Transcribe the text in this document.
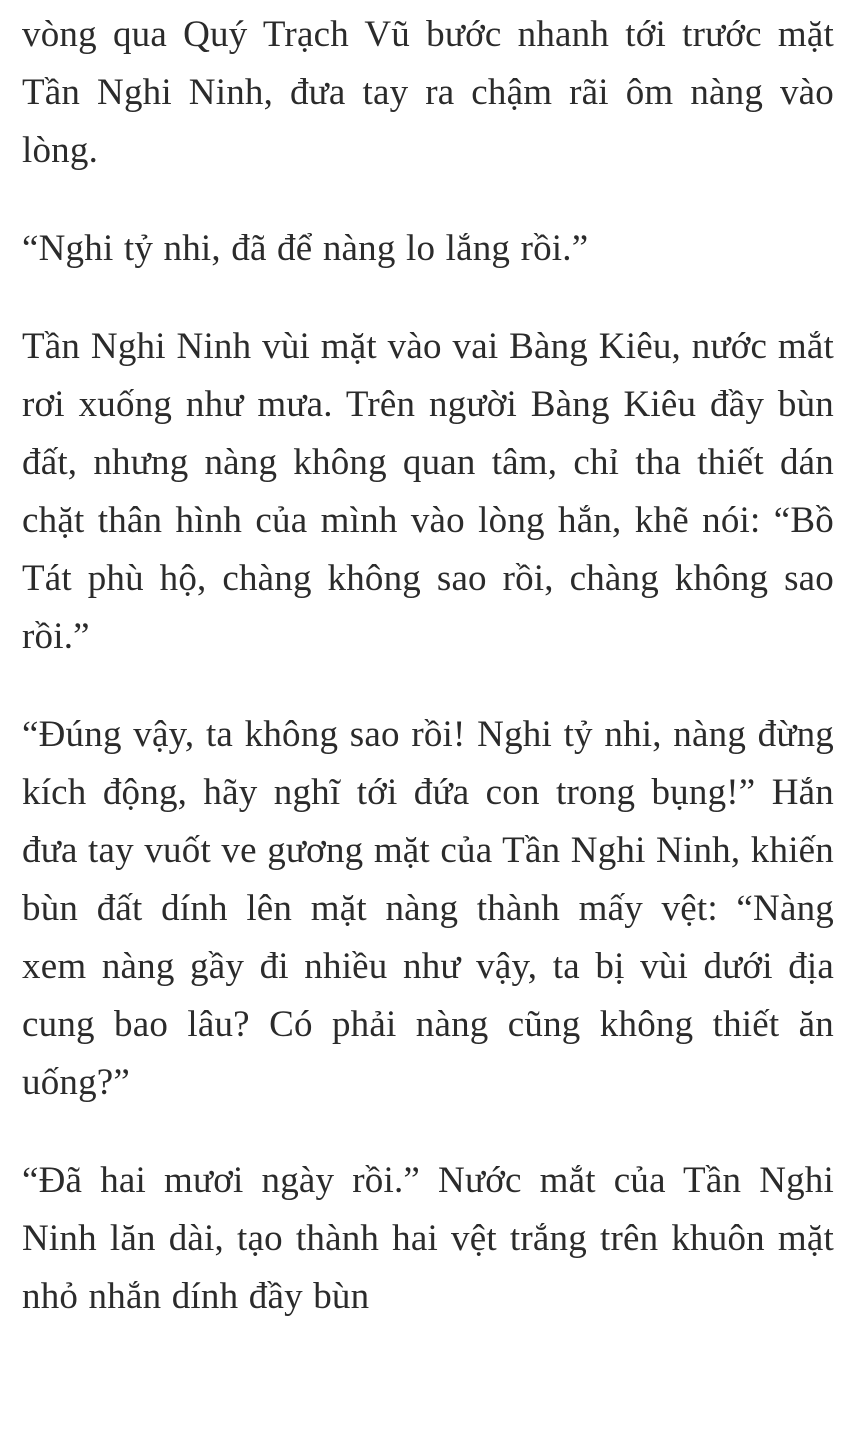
vòng qua Quý Trạch Vũ bước nhanh tới trước mặt Tần Nghi Ninh, đưa tay ra chậm rãi ôm nàng vào lòng.

“Nghi tỷ nhi, đã để nàng lo lắng rồi.”

Tần Nghi Ninh vùi mặt vào vai Bàng Kiêu, nước mắt rơi xuống như mưa. Trên người Bàng Kiêu đầy bùn đất, nhưng nàng không quan tâm, chỉ tha thiết dán chặt thân hình của mình vào lòng hắn, khẽ nói: “Bồ Tát phù hộ, chàng không sao rồi, chàng không sao rồi.”

“Đúng vậy, ta không sao rồi! Nghi tỷ nhi, nàng đừng kích động, hãy nghĩ tới đứa con trong bụng!” Hắn đưa tay vuốt ve gương mặt của Tần Nghi Ninh, khiến bùn đất dính lên mặt nàng thành mấy vệt: “Nàng xem nàng gầy đi nhiều như vậy, ta bị vùi dưới địa cung bao lâu? Có phải nàng cũng không thiết ăn uống?”

“Đã hai mươi ngày rồi.” Nước mắt của Tần Nghi Ninh lăn dài, tạo thành hai vệt trắng trên khuôn mặt nhỏ nhắn dính đầy bùn
